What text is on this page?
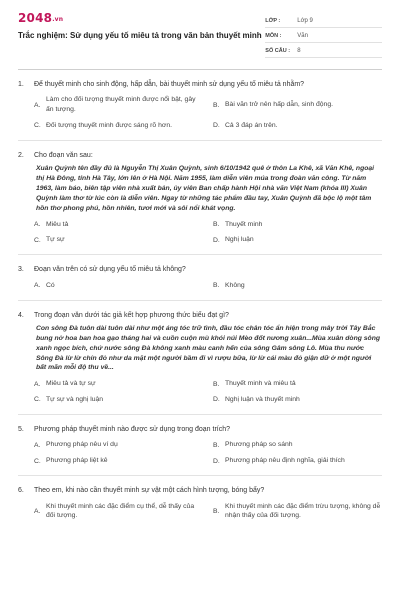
2048.vn
Trắc nghiệm: Sử dụng yếu tố miêu tả trong văn bản thuyết minh
LỚP :	Lớp 9
MÔN :	Văn
SỐ CÂU :	8
1.	Để thuyết minh cho sinh động, hấp dẫn, bài thuyết minh sử dụng yếu tố miêu tả nhằm?
A.
Làm cho đối tượng thuyết minh được nổi bật, gây ấn tượng.
B. Bài văn trở nên hấp dẫn, sinh động.
C. Đối tượng thuyết minh được sáng rõ hơn.	D. Cả 3 đáp án trên.
2.	Cho đoạn văn sau:
Xuân Quỳnh tên đầy đủ là Nguyễn Thị Xuân Quỳnh, sinh 6/10/1942 quê ở thôn La Khê, xã Văn Khê, ngoại thị Hà Đông, tỉnh Hà Tây, lớn lên ở Hà Nội. Năm 1955, làm diễn viên múa trong đoàn văn công. Từ năm 1963, làm báo, biên tập viên nhà xuất bản, ủy viên Ban chấp hành Hội nhà văn Việt Nam (khóa III) Xuân Quỳnh làm thơ từ lúc còn là diễn viên. Ngay từ những tác phẩm đầu tay, Xuân Quỳnh đã bộc lộ một tâm hồn thơ phong phú, hồn nhiên, tươi mới và sôi nổi khát vọng.
A. Miêu tả	B. Thuyết minh
C. Tự sự	D. Nghị luận
3.	Đoạn văn trên có sử dụng yếu tố miêu tả không?
A. Có	B. Không
4.	Trong đoạn văn dưới tác giả kết hợp phương thức biểu đạt gì?
Con sông Đà tuôn dài tuôn dài như một áng tóc trữ tình, đầu tóc chân tóc ẩn hiện trong mây trời Tây Bắc bung nở hoa ban hoa gạo tháng hai và cuồn cuộn mù khói núi Mèo đốt nương xuân...Mùa xuân dòng sông xanh ngọc bích, chứ nước sông Đà không xanh màu canh hến của sông Gâm sông Lô. Mùa thu nước Sông Đà lừ lừ chín đỏ như da mặt một người bầm đi vì rượu bữa, lừ lừ cái màu đỏ giận dữ ở một người bất mãn mỗi độ thu về...
A. Miêu tả và tự sự	B. Thuyết minh và miêu tả
C. Tự sự và nghị luận	D. Nghị luận và thuyết minh
5.	Phương pháp thuyết minh nào được sử dụng trong đoạn trích?
A. Phương pháp nêu ví dụ	B. Phương pháp so sánh
C. Phương pháp liệt kê	D. Phương pháp nêu định nghĩa, giải thích
6.	Theo em, khi nào cần thuyết minh sự vật một cách hình tượng, bóng bẩy?
A.
Khi thuyết minh các đặc điểm cụ thể, dễ thấy của đối tượng.
B.
Khi thuyết minh các đặc điểm trừu tượng, không dễ nhận thấy của đối tượng.
